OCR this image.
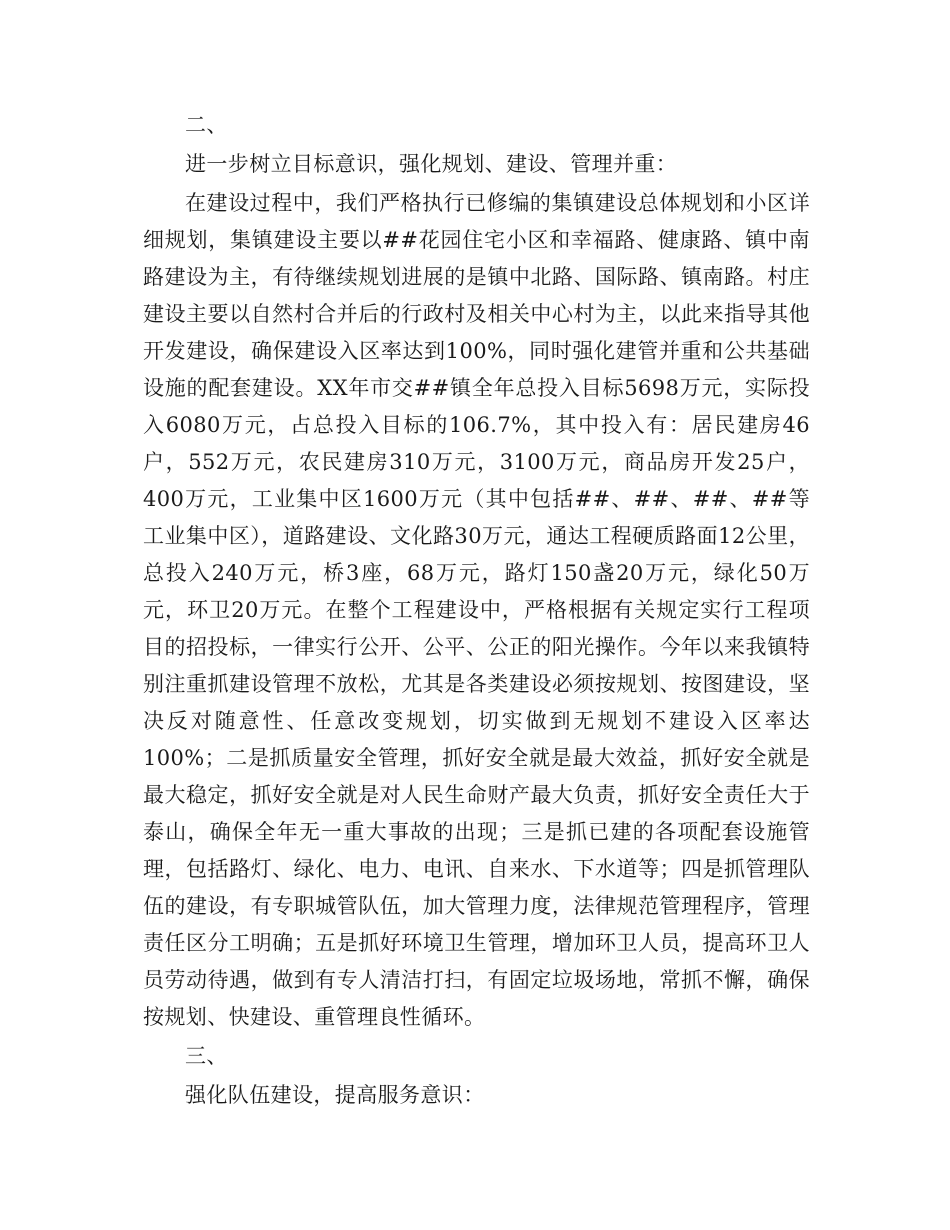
二、

进一步树立目标意识，强化规划、建设、管理并重：

在建设过程中，我们严格执行已修编的集镇建设总体规划和小区详细规划，集镇建设主要以##花园住宅小区和幸福路、健康路、镇中南路建设为主，有待继续规划进展的是镇中北路、国际路、镇南路。村庄建设主要以自然村合并后的行政村及相关中心村为主，以此来指导其他开发建设，确保建设入区率达到100%，同时强化建管并重和公共基础设施的配套建设。XX年市交##镇全年总投入目标5698万元，实际投入6080万元，占总投入目标的106.7%，其中投入有：居民建房46户，552万元，农民建房310万元，3100万元，商品房开发25户，400万元，工业集中区1600万元（其中包括##、##、##、##等工业集中区），道路建设、文化路30万元，通达工程硬质路面12公里，总投入240万元，桥3座，68万元，路灯150盏20万元，绿化50万元，环卫20万元。在整个工程建设中，严格根据有关规定实行工程项目的招投标，一律实行公开、公平、公正的阳光操作。今年以来我镇特别注重抓建设管理不放松，尤其是各类建设必须按规划、按图建设，坚决反对随意性、任意改变规划，切实做到无规划不建设入区率达100%；二是抓质量安全管理，抓好安全就是最大效益，抓好安全就是最大稳定，抓好安全就是对人民生命财产最大负责，抓好安全责任大于泰山，确保全年无一重大事故的出现；三是抓已建的各项配套设施管理，包括路灯、绿化、电力、电讯、自来水、下水道等；四是抓管理队伍的建设，有专职城管队伍，加大管理力度，法律规范管理程序，管理责任区分工明确；五是抓好环境卫生管理，增加环卫人员，提高环卫人员劳动待遇，做到有专人清洁打扫，有固定垃圾场地，常抓不懈，确保按规划、快建设、重管理良性循环。

三、

强化队伍建设，提高服务意识：
